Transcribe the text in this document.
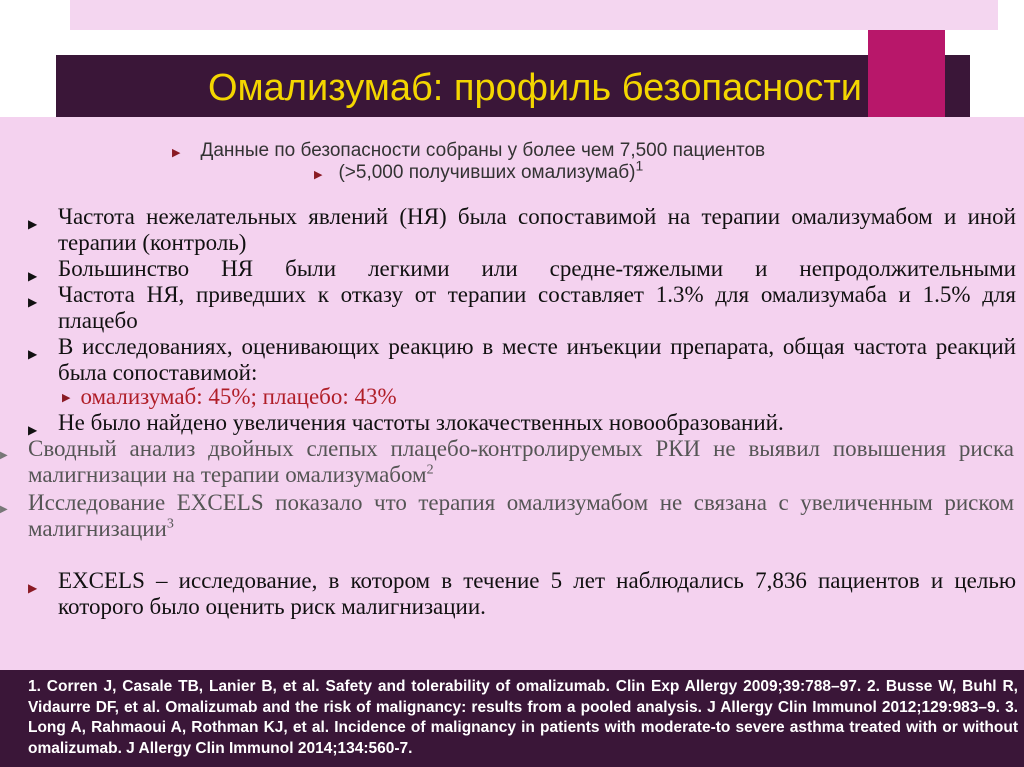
Омализумаб: профиль безопасности
▶ Данные по безопасности собраны у более чем 7,500 пациентов
▶ (>5,000 получивших омализумаб)$^1$
▶ Частота нежелательных явлений (НЯ) была сопоставимой на терапии омализумабом и иной терапии (контроль)
▶ Большинство НЯ были легкими или средне-тяжелыми и непродолжительными
▶ Частота НЯ, приведших к отказу от терапии составляет 1.3% для омализумаба и 1.5% для плацебо
▶ В исследованиях, оценивающих реакцию в месте инъекции препарата, общая частота реакций была сопоставимой:
▶ омализумаб: 45%; плацебо: 43%
▶ Не было найдено увеличения частоты злокачественных новообразований.
▶ Сводный анализ двойных слепых плацебо-контролируемых РКИ не выявил повышения риска малигнизации на терапии омализумабом$^2$
▶ Исследование EXCELS показало что терапия омализумабом не связана с увеличенным риском малигнизации$^3$
▶ EXCELS – исследование, в котором в течение 5 лет наблюдались 7,836 пациентов и целью которого было оценить риск малигнизации.
1. Corren J, Casale TB, Lanier B, et al. Safety and tolerability of omalizumab. Clin Exp Allergy 2009;39:788–97. 2. Busse W, Buhl R, Vidaurre DF, et al. Omalizumab and the risk of malignancy: results from a pooled analysis. J Allergy Clin Immunol 2012;129:983–9. 3. Long A, Rahmaoui A, Rothman KJ, et al. Incidence of malignancy in patients with moderate-to severe asthma treated with or without omalizumab. J Allergy Clin Immunol 2014;134:560-7.
